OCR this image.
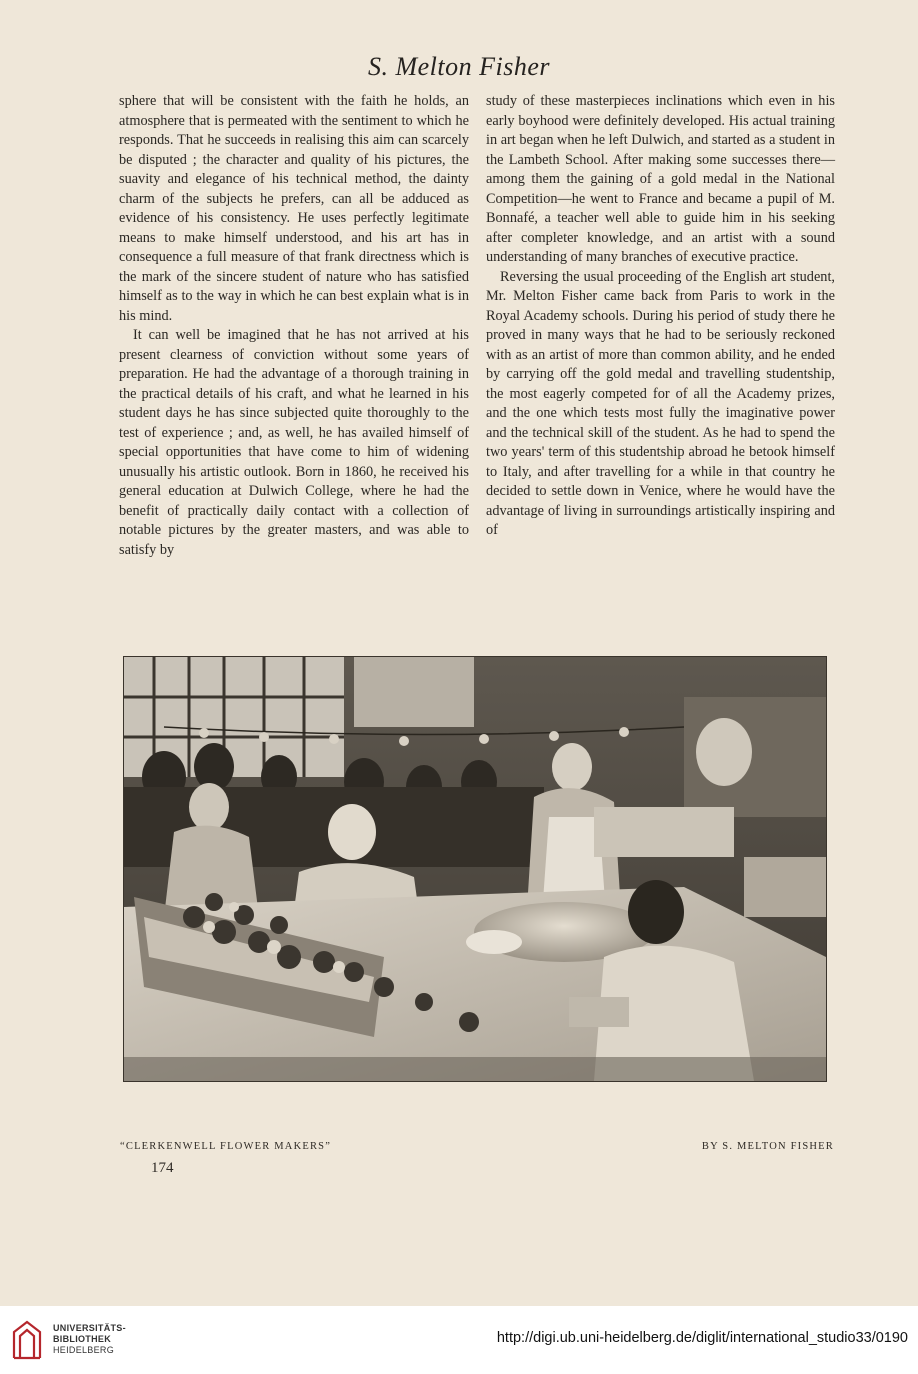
S. Melton Fisher

sphere that will be consistent with the faith he holds, an atmosphere that is permeated with the sentiment to which he responds. That he succeeds in realising this aim can scarcely be disputed ; the character and quality of his pictures, the suavity and elegance of his technical method, the dainty charm of the subjects he prefers, can all be adduced as evidence of his consistency. He uses perfectly legitimate means to make himself understood, and his art has in consequence a full measure of that frank directness which is the mark of the sincere student of nature who has satisfied himself as to the way in which he can best explain what is in his mind.

It can well be imagined that he has not arrived at his present clearness of conviction without some years of preparation. He had the advantage of a thorough training in the practical details of his craft, and what he learned in his student days he has since subjected quite thoroughly to the test of experience ; and, as well, he has availed himself of special opportunities that have come to him of widening unusually his artistic outlook. Born in 1860, he received his general education at Dulwich College, where he had the benefit of practically daily contact with a collection of notable pictures by the greater masters, and was able to satisfy by

study of these masterpieces inclinations which even in his early boyhood were definitely developed. His actual training in art began when he left Dulwich, and started as a student in the Lambeth School. After making some successes there—among them the gaining of a gold medal in the National Competition—he went to France and became a pupil of M. Bonnafé, a teacher well able to guide him in his seeking after completer knowledge, and an artist with a sound understanding of many branches of executive practice.

Reversing the usual proceeding of the English art student, Mr. Melton Fisher came back from Paris to work in the Royal Academy schools. During his period of study there he proved in many ways that he had to be seriously reckoned with as an artist of more than common ability, and he ended by carrying off the gold medal and travelling studentship, the most eagerly competed for of all the Academy prizes, and the one which tests most fully the imaginative power and the technical skill of the student. As he had to spend the two years' term of this studentship abroad he betook himself to Italy, and after travelling for a while in that country he decided to settle down in Venice, where he would have the advantage of living in surroundings artistically inspiring and of

“CLERKENWELL FLOWER MAKERS”	BY S. MELTON FISHER
174
UNIVERSITÄTS-
BIBLIOTHEK
HEIDELBERG
http://digi.ub.uni-heidelberg.de/diglit/international_studio33/0190
